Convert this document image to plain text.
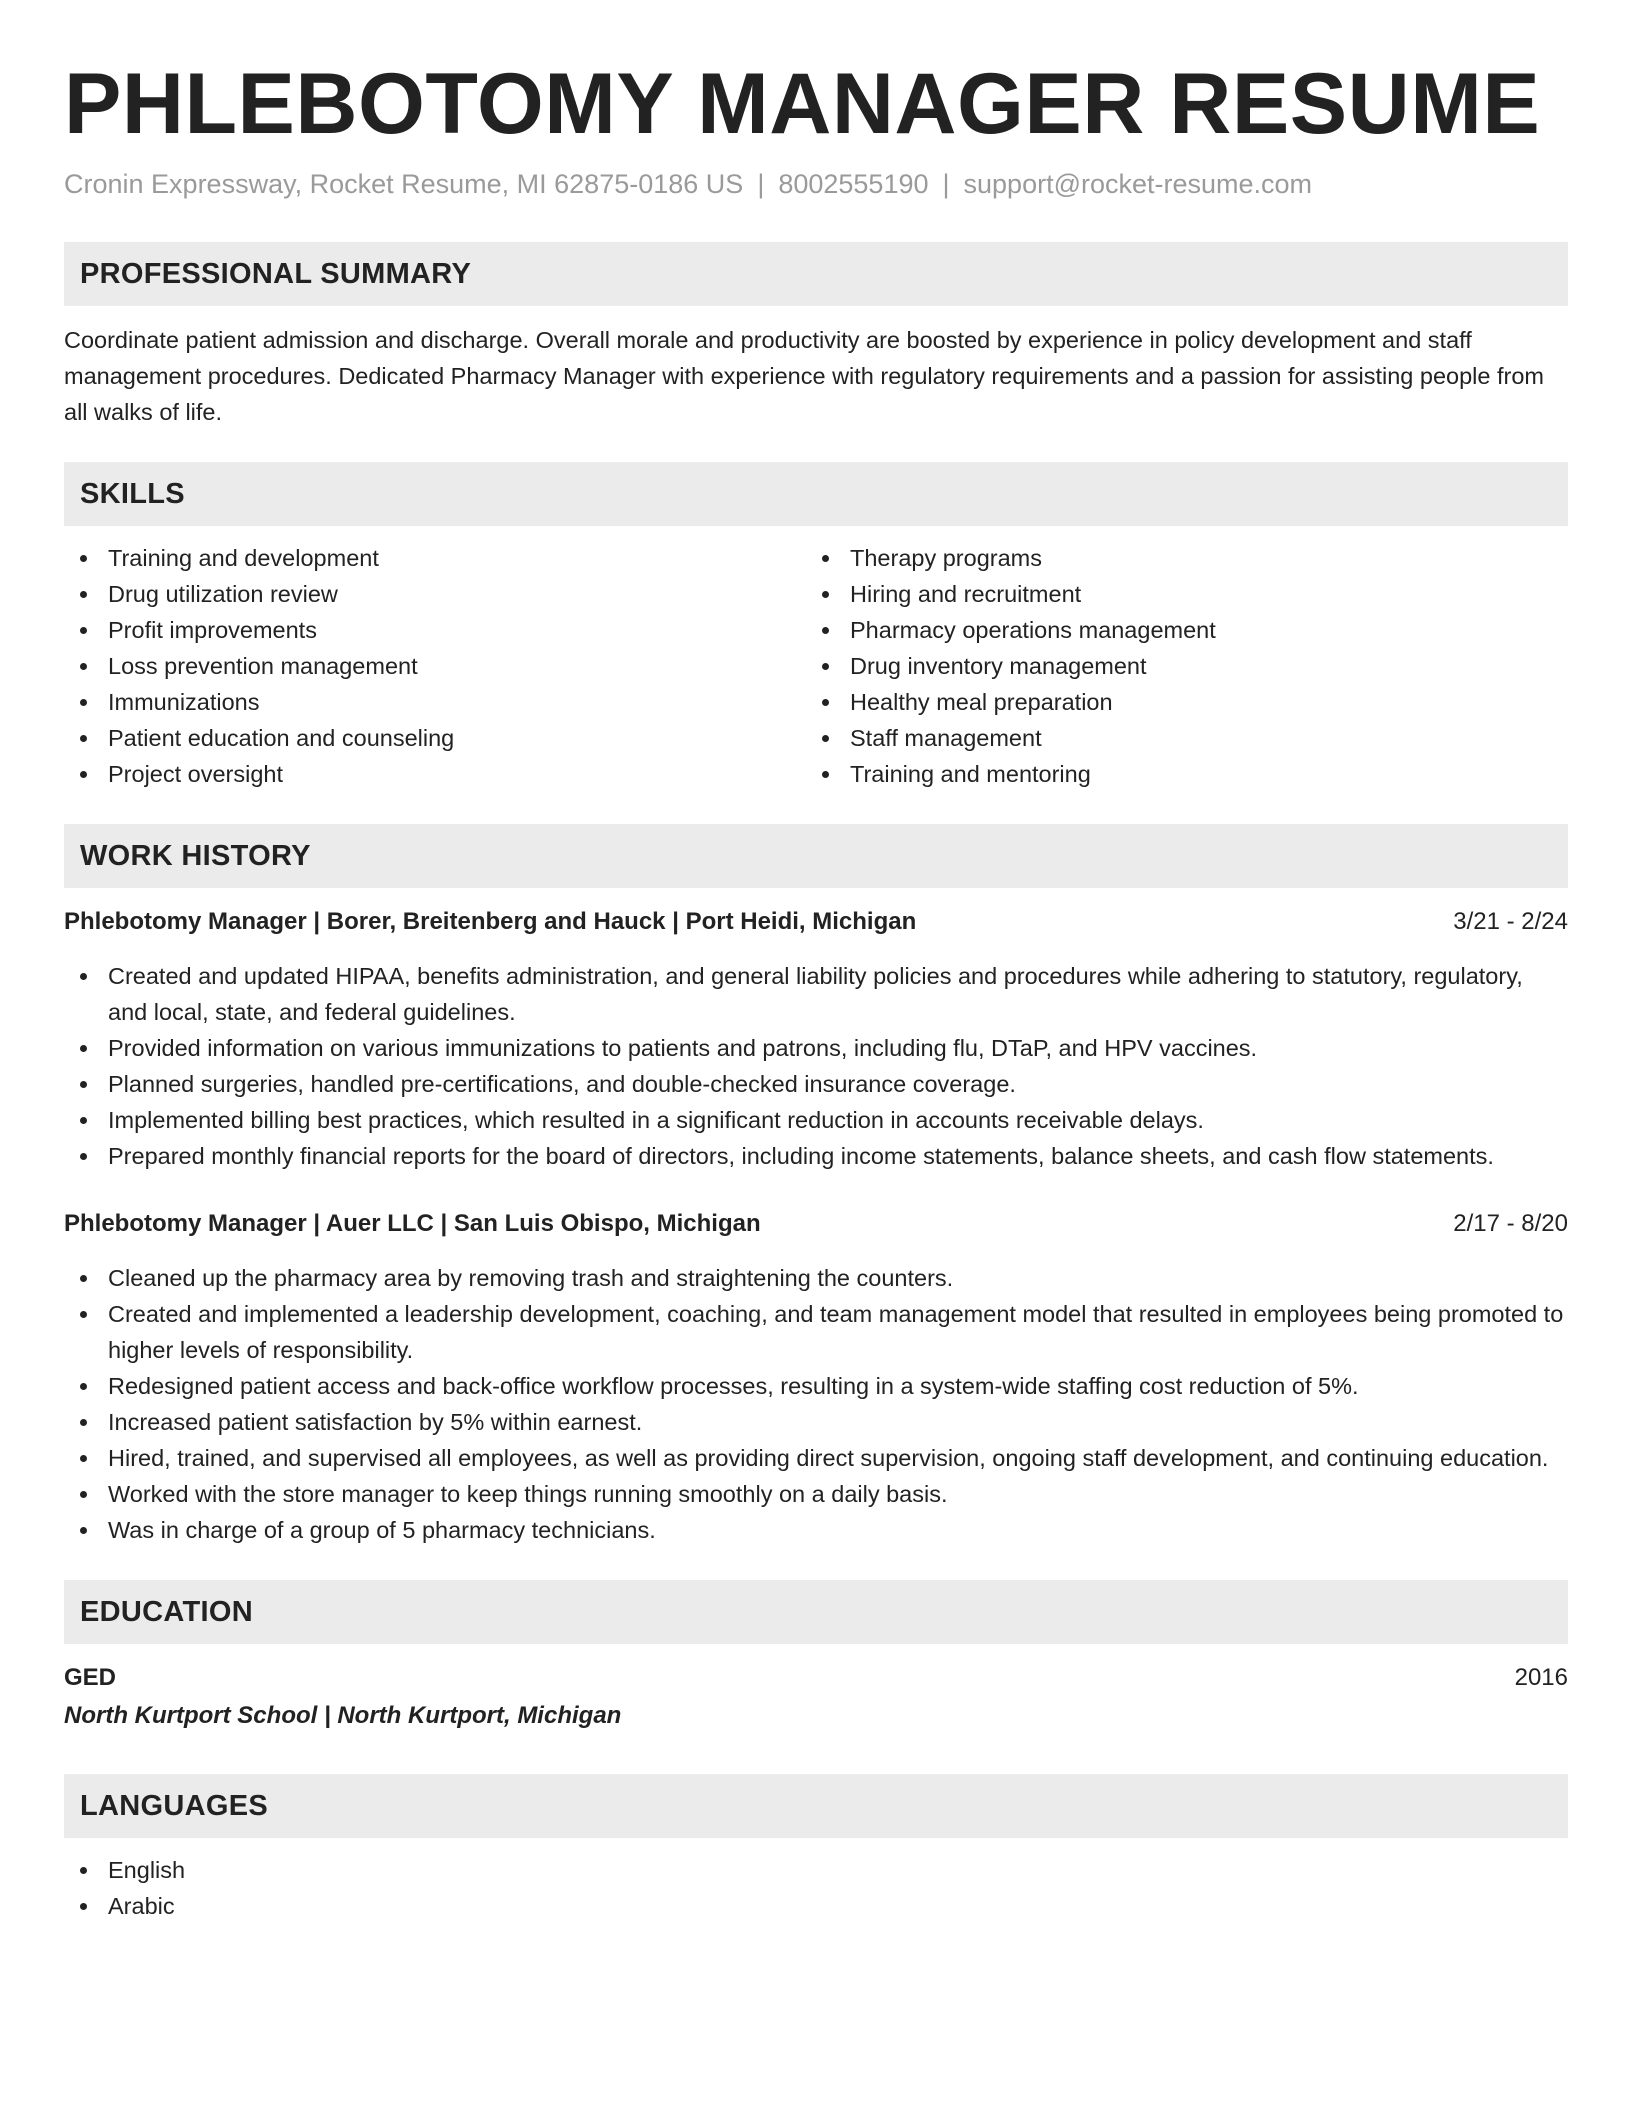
PHLEBOTOMY MANAGER RESUME
Cronin Expressway, Rocket Resume, MI 62875-0186 US | 8002555190 | support@rocket-resume.com
PROFESSIONAL SUMMARY

Coordinate patient admission and discharge. Overall morale and productivity are boosted by experience in policy development and staff management procedures. Dedicated Pharmacy Manager with experience with regulatory requirements and a passion for assisting people from all walks of life.

SKILLS
Training and development
Drug utilization review
Profit improvements
Loss prevention management
Immunizations
Patient education and counseling
Project oversight
Therapy programs
Hiring and recruitment
Pharmacy operations management
Drug inventory management
Healthy meal preparation
Staff management
Training and mentoring
WORK HISTORY
Phlebotomy Manager | Borer, Breitenberg and Hauck | Port Heidi, Michigan	3/21 - 2/24
Created and updated HIPAA, benefits administration, and general liability policies and procedures while adhering to statutory, regulatory, and local, state, and federal guidelines.
Provided information on various immunizations to patients and patrons, including flu, DTaP, and HPV vaccines.
Planned surgeries, handled pre-certifications, and double-checked insurance coverage.
Implemented billing best practices, which resulted in a significant reduction in accounts receivable delays.
Prepared monthly financial reports for the board of directors, including income statements, balance sheets, and cash flow statements.
Phlebotomy Manager | Auer LLC | San Luis Obispo, Michigan	2/17 - 8/20
Cleaned up the pharmacy area by removing trash and straightening the counters.
Created and implemented a leadership development, coaching, and team management model that resulted in employees being promoted to higher levels of responsibility.
Redesigned patient access and back-office workflow processes, resulting in a system-wide staffing cost reduction of 5%.
Increased patient satisfaction by 5% within earnest.
Hired, trained, and supervised all employees, as well as providing direct supervision, ongoing staff development, and continuing education.
Worked with the store manager to keep things running smoothly on a daily basis.
Was in charge of a group of 5 pharmacy technicians.
EDUCATION
GED	2016
North Kurtport School | North Kurtport, Michigan
LANGUAGES
English
Arabic
